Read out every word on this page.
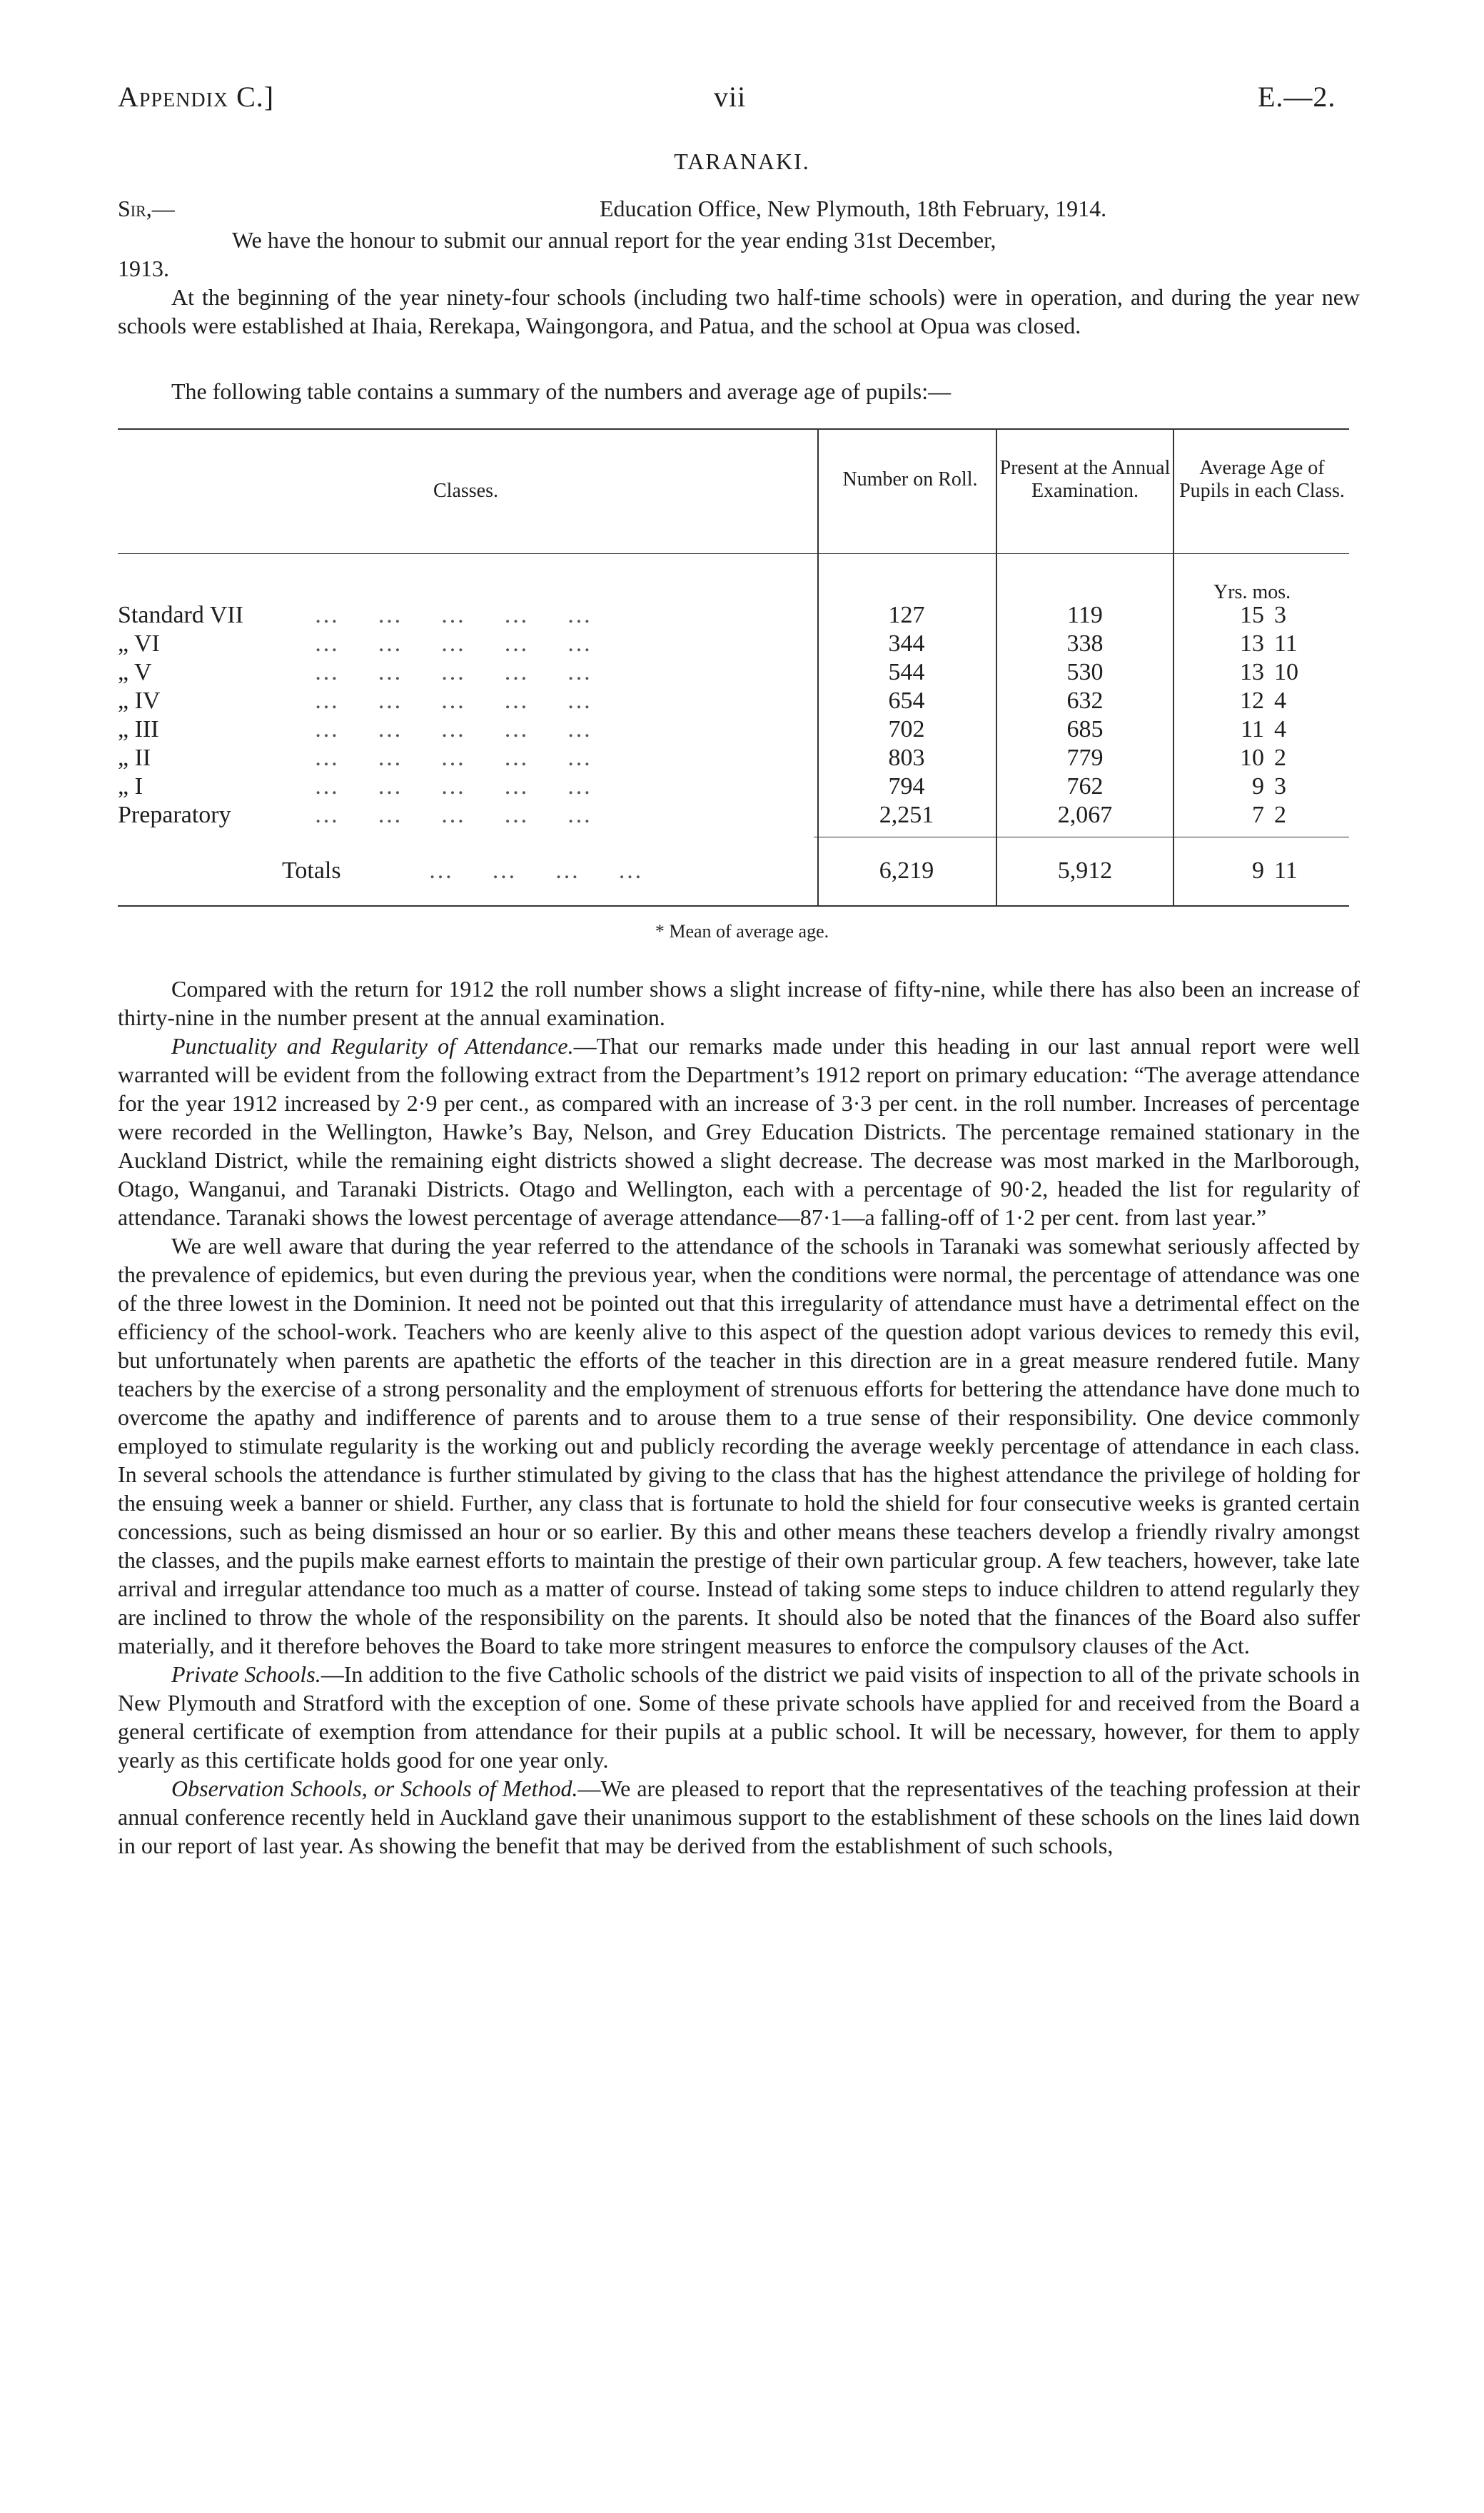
Appendix C.]	vii	E.—2.
TARANAKI.
Sir,—	Education Office, New Plymouth, 18th February, 1914.
We have the honour to submit our annual report for the year ending 31st December,
1913.

At the beginning of the year ninety-four schools (including two half-time schools) were in operation, and during the year new schools were established at Ihaia, Rerekapa, Waingongora, and Patua, and the school at Opua was closed.

The following table contains a summary of the numbers and average age of pupils:—
Classes.
Number on Roll.
Present at the Annual Examination.
Average Age of Pupils in each Class.
Yrs. mos.
Standard VII	…     …     …     …     …	127	119	15 3
„ VI	…     …     …     …     …	344	338	13 11
„ V	…     …     …     …     …	544	530	13 10
„ IV	…     …     …     …     …	654	632	12 4
„ III	…     …     …     …     …	702	685	11 4
„ II	…     …     …     …     …	803	779	10 2
„ I	…     …     …     …     …	794	762	9 3
Preparatory	…     …     …     …     …	2,251	2,067	7 2
Totals	…     …     …     …	6,219	5,912	9 11
* Mean of average age.

Compared with the return for 1912 the roll number shows a slight increase of fifty-nine, while there has also been an increase of thirty-nine in the number present at the annual examination.

Punctuality and Regularity of Attendance.—That our remarks made under this heading in our last annual report were well warranted will be evident from the following extract from the Department’s 1912 report on primary education: “The average attendance for the year 1912 increased by 2·9 per cent., as compared with an increase of 3·3 per cent. in the roll number. Increases of percentage were recorded in the Wellington, Hawke’s Bay, Nelson, and Grey Education Districts. The percentage remained stationary in the Auckland District, while the remaining eight districts showed a slight decrease. The decrease was most marked in the Marlborough, Otago, Wanganui, and Taranaki Districts. Otago and Wellington, each with a percentage of 90·2, headed the list for regularity of attendance. Taranaki shows the lowest percentage of average attendance—87·1—a falling-off of 1·2 per cent. from last year.”

We are well aware that during the year referred to the attendance of the schools in Taranaki was somewhat seriously affected by the prevalence of epidemics, but even during the previous year, when the conditions were normal, the percentage of attendance was one of the three lowest in the Dominion. It need not be pointed out that this irregularity of attendance must have a detrimental effect on the efficiency of the school-work. Teachers who are keenly alive to this aspect of the question adopt various devices to remedy this evil, but unfortunately when parents are apathetic the efforts of the teacher in this direction are in a great measure rendered futile. Many teachers by the exercise of a strong personality and the employment of strenuous efforts for bettering the attendance have done much to overcome the apathy and indifference of parents and to arouse them to a true sense of their responsibility. One device commonly employed to stimulate regularity is the working out and publicly recording the average weekly percentage of attendance in each class. In several schools the attendance is further stimulated by giving to the class that has the highest attendance the privilege of holding for the ensuing week a banner or shield. Further, any class that is fortunate to hold the shield for four consecutive weeks is granted certain concessions, such as being dismissed an hour or so earlier. By this and other means these teachers develop a friendly rivalry amongst the classes, and the pupils make earnest efforts to maintain the prestige of their own particular group. A few teachers, however, take late arrival and irregular attendance too much as a matter of course. Instead of taking some steps to induce children to attend regularly they are inclined to throw the whole of the responsibility on the parents. It should also be noted that the finances of the Board also suffer materially, and it therefore behoves the Board to take more stringent measures to enforce the compulsory clauses of the Act.

Private Schools.—In addition to the five Catholic schools of the district we paid visits of inspection to all of the private schools in New Plymouth and Stratford with the exception of one. Some of these private schools have applied for and received from the Board a general certificate of exemption from attendance for their pupils at a public school. It will be necessary, however, for them to apply yearly as this certificate holds good for one year only.

Observation Schools, or Schools of Method.—We are pleased to report that the representatives of the teaching profession at their annual conference recently held in Auckland gave their unanimous support to the establishment of these schools on the lines laid down in our report of last year. As showing the benefit that may be derived from the establishment of such schools,
